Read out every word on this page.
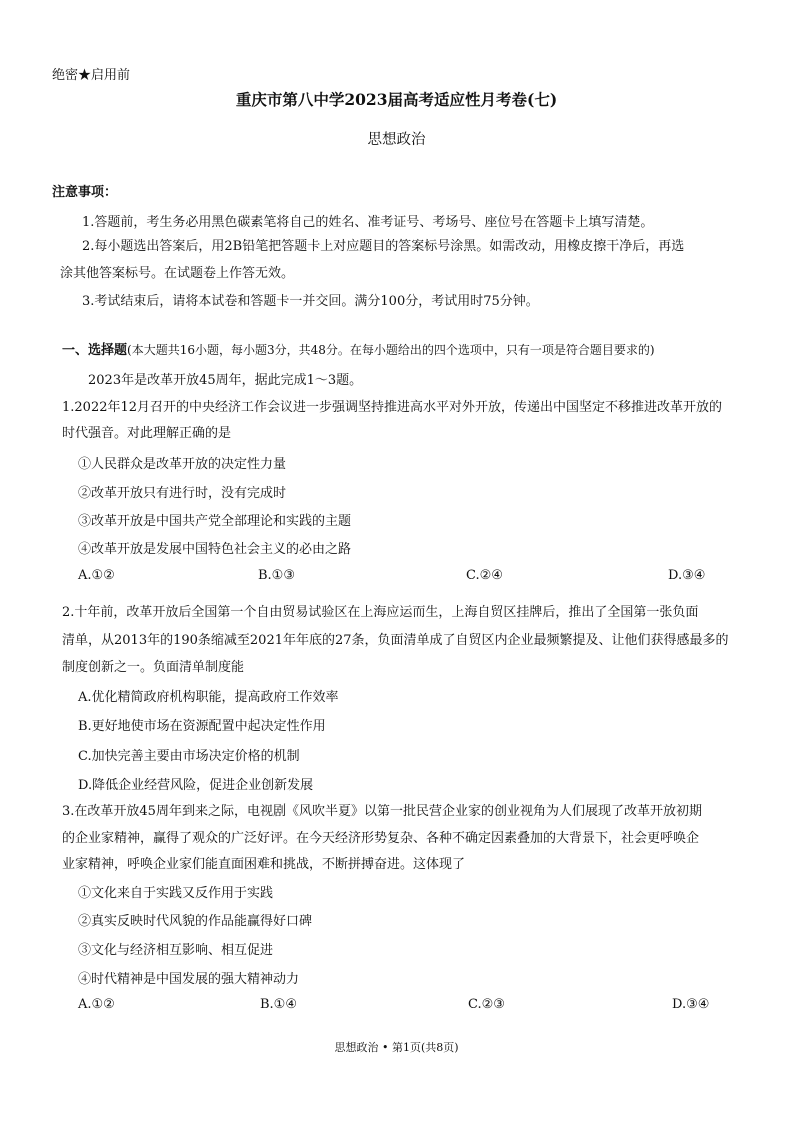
绝密★启用前
重庆市第八中学2023届高考适应性月考卷(七)
思想政治
注意事项：
1.答题前，考生务必用黑色碳素笔将自己的姓名、准考证号、考场号、座位号在答题卡上填写清楚。
2.每小题选出答案后，用2B铅笔把答题卡上对应题目的答案标号涂黑。如需改动，用橡皮擦干净后，再选
涂其他答案标号。在试题卷上作答无效。
3.考试结束后，请将本试卷和答题卡一并交回。满分100分，考试用时75分钟。
一、选择题(本大题共16小题，每小题3分，共48分。在每小题给出的四个选项中，只有一项是符合题目要求的)
2023年是改革开放45周年，据此完成1～3题。
1.2022年12月召开的中央经济工作会议进一步强调坚持推进高水平对外开放，传递出中国坚定不移推进改革开放的
时代强音。对此理解正确的是
①人民群众是改革开放的决定性力量
②改革开放只有进行时，没有完成时
③改革开放是中国共产党全部理论和实践的主题
④改革开放是发展中国特色社会主义的必由之路
A.①②	B.①③	C.②④	D.③④
2.十年前，改革开放后全国第一个自由贸易试验区在上海应运而生，上海自贸区挂牌后，推出了全国第一张负面
清单，从2013年的190条缩减至2021年年底的27条，负面清单成了自贸区内企业最频繁提及、让他们获得感最多的
制度创新之一。负面清单制度能
A.优化精简政府机构职能，提高政府工作效率
B.更好地使市场在资源配置中起决定性作用
C.加快完善主要由市场决定价格的机制
D.降低企业经营风险，促进企业创新发展
3.在改革开放45周年到来之际，电视剧《风吹半夏》以第一批民营企业家的创业视角为人们展现了改革开放初期
的企业家精神，赢得了观众的广泛好评。在今天经济形势复杂、各种不确定因素叠加的大背景下，社会更呼唤企
业家精神，呼唤企业家们能直面困难和挑战，不断拼搏奋进。这体现了
①文化来自于实践又反作用于实践
②真实反映时代风貌的作品能赢得好口碑
③文化与经济相互影响、相互促进
④时代精神是中国发展的强大精神动力
A.①②	B.①④	C.②③	D.③④
思想政治 • 第1页(共8页)
